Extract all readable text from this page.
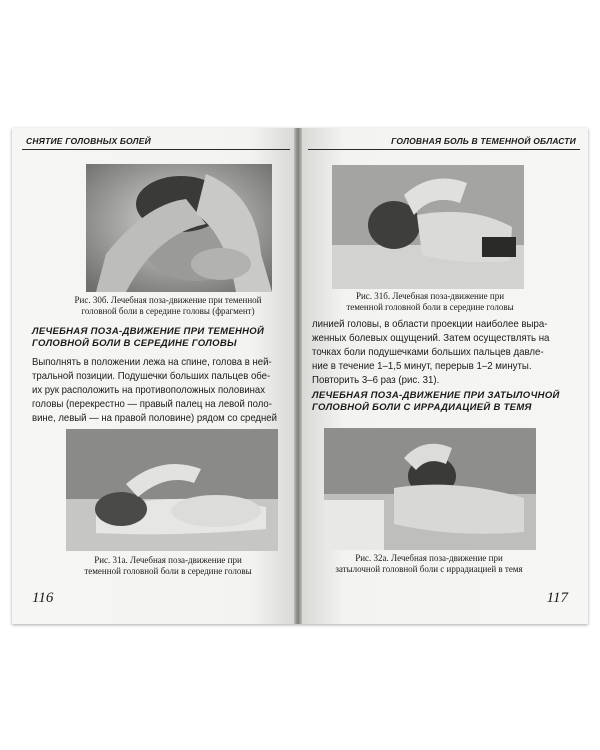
СНЯТИЕ ГОЛОВНЫХ БОЛЕЙ
Рис. 30б. Лечебная поза-движение при теменной
головной боли в середине головы (фрагмент)
ЛЕЧЕБНАЯ ПОЗА-ДВИЖЕНИЕ ПРИ ТЕМЕННОЙ
ГОЛОВНОЙ БОЛИ В СЕРЕДИНЕ ГОЛОВЫ
Выполнять в положении лежа на спине, голова в ней-
тральной позиции. Подушечки больших пальцев обе-
их рук расположить на противоположных половинах
головы (перекрестно — правый палец на левой поло-
вине, левый — на правой половине) рядом со средней
Рис. 31а. Лечебная поза-движение при
теменной головной боли в середине головы
116
ГОЛОВНАЯ БОЛЬ В ТЕМЕННОЙ ОБЛАСТИ
Рис. 31б. Лечебная поза-движение при
теменной головной боли в середине головы
линией головы, в области проекции наиболее выра-
женных болевых ощущений. Затем осуществлять на
точках боли подушечками больших пальцев давле-
ние в течение 1–1,5 минут, перерыв 1–2 минуты.
Повторить 3–6 раз (рис. 31).
ЛЕЧЕБНАЯ ПОЗА-ДВИЖЕНИЕ ПРИ ЗАТЫЛОЧНОЙ
ГОЛОВНОЙ БОЛИ С ИРРАДИАЦИЕЙ В ТЕМЯ
Рис. 32а. Лечебная поза-движение при
затылочной головной боли с иррадиацией в темя
117
